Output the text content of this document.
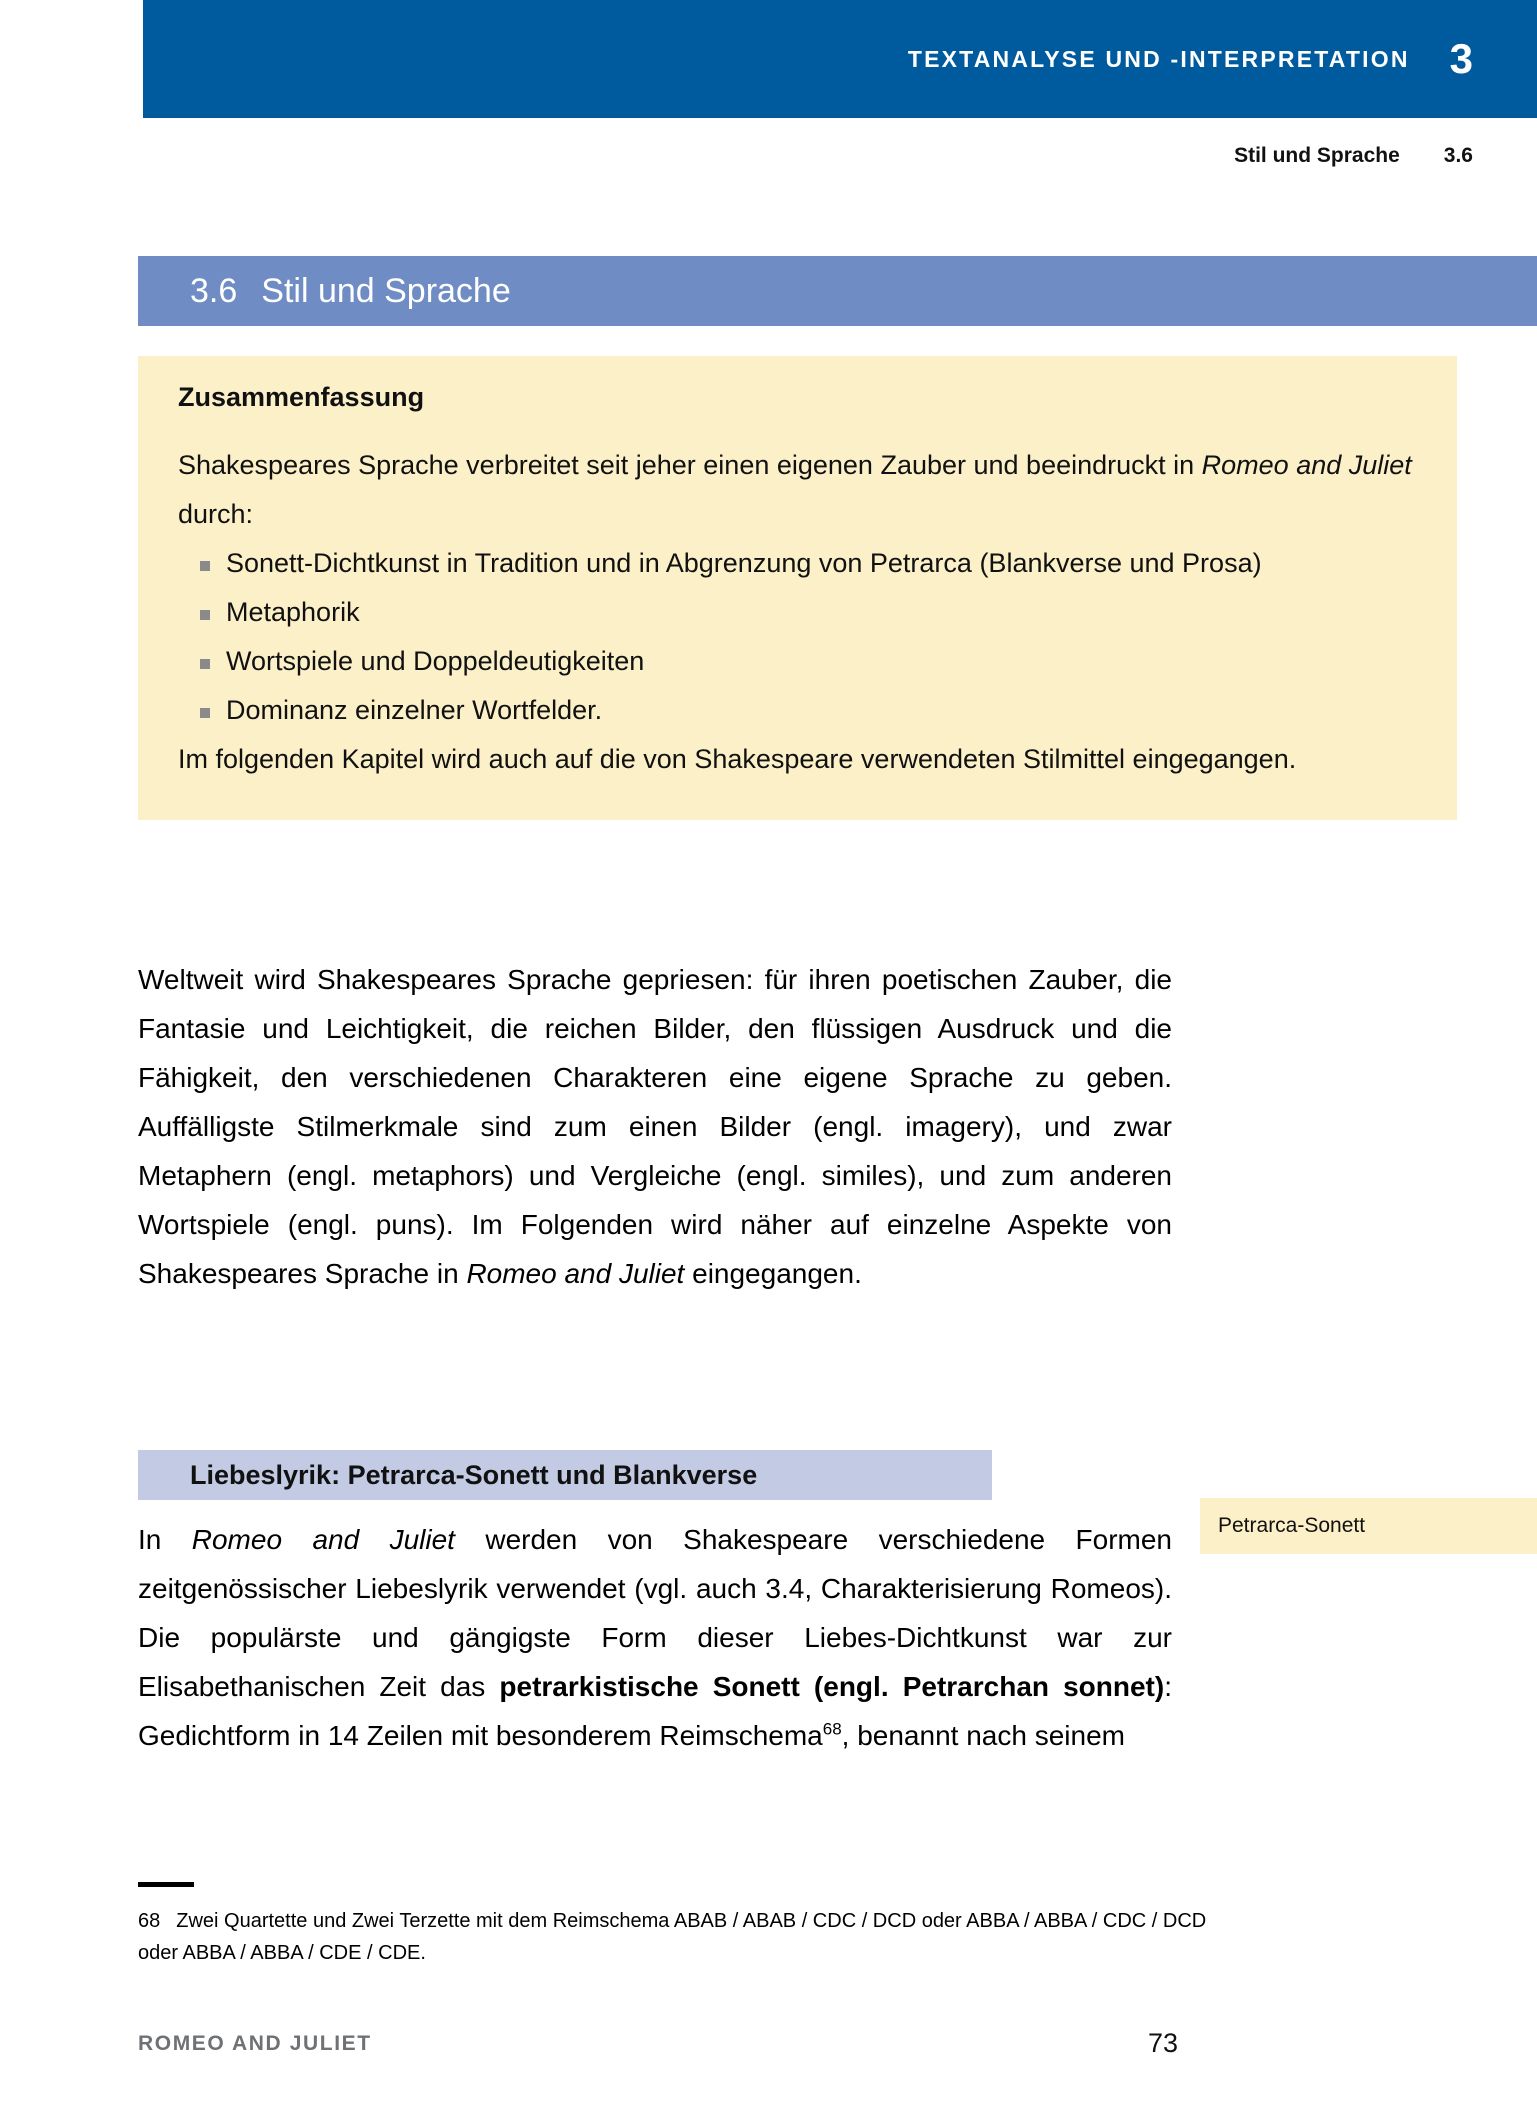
TEXTANALYSE UND -INTERPRETATION 3
Stil und Sprache 3.6
3.6 Stil und Sprache
Zusammenfassung
Shakespeares Sprache verbreitet seit jeher einen eigenen Zauber und beeindruckt in Romeo and Juliet durch:
Sonett-Dichtkunst in Tradition und in Abgrenzung von Petrarca (Blankverse und Prosa)
Metaphorik
Wortspiele und Doppeldeutigkeiten
Dominanz einzelner Wortfelder.
Im folgenden Kapitel wird auch auf die von Shakespeare verwendeten Stilmittel eingegangen.

Weltweit wird Shakespeares Sprache gepriesen: für ihren poetischen Zauber, die Fantasie und Leichtigkeit, die reichen Bilder, den flüssigen Ausdruck und die Fähigkeit, den verschiedenen Charakteren eine eigene Sprache zu geben. Auffälligste Stilmerkmale sind zum einen Bilder (engl. imagery), und zwar Metaphern (engl. metaphors) und Vergleiche (engl. similes), und zum anderen Wortspiele (engl. puns). Im Folgenden wird näher auf einzelne Aspekte von Shakespeares Sprache in Romeo and Juliet eingegangen.

Liebeslyrik: Petrarca-Sonett und Blankverse
Petrarca-Sonett

In Romeo and Juliet werden von Shakespeare verschiedene Formen zeitgenössischer Liebeslyrik verwendet (vgl. auch 3.4, Charakterisierung Romeos). Die populärste und gängigste Form dieser Liebes-Dichtkunst war zur Elisabethanischen Zeit das petrarkistische Sonett (engl. Petrarchan sonnet): Gedichtform in 14 Zeilen mit besonderem Reimschema$^{68}$, benannt nach seinem

68 Zwei Quartette und Zwei Terzette mit dem Reimschema ABAB / ABAB / CDC / DCD oder ABBA / ABBA / CDC / DCD oder ABBA / ABBA / CDE / CDE.
ROMEO AND JULIET	73
